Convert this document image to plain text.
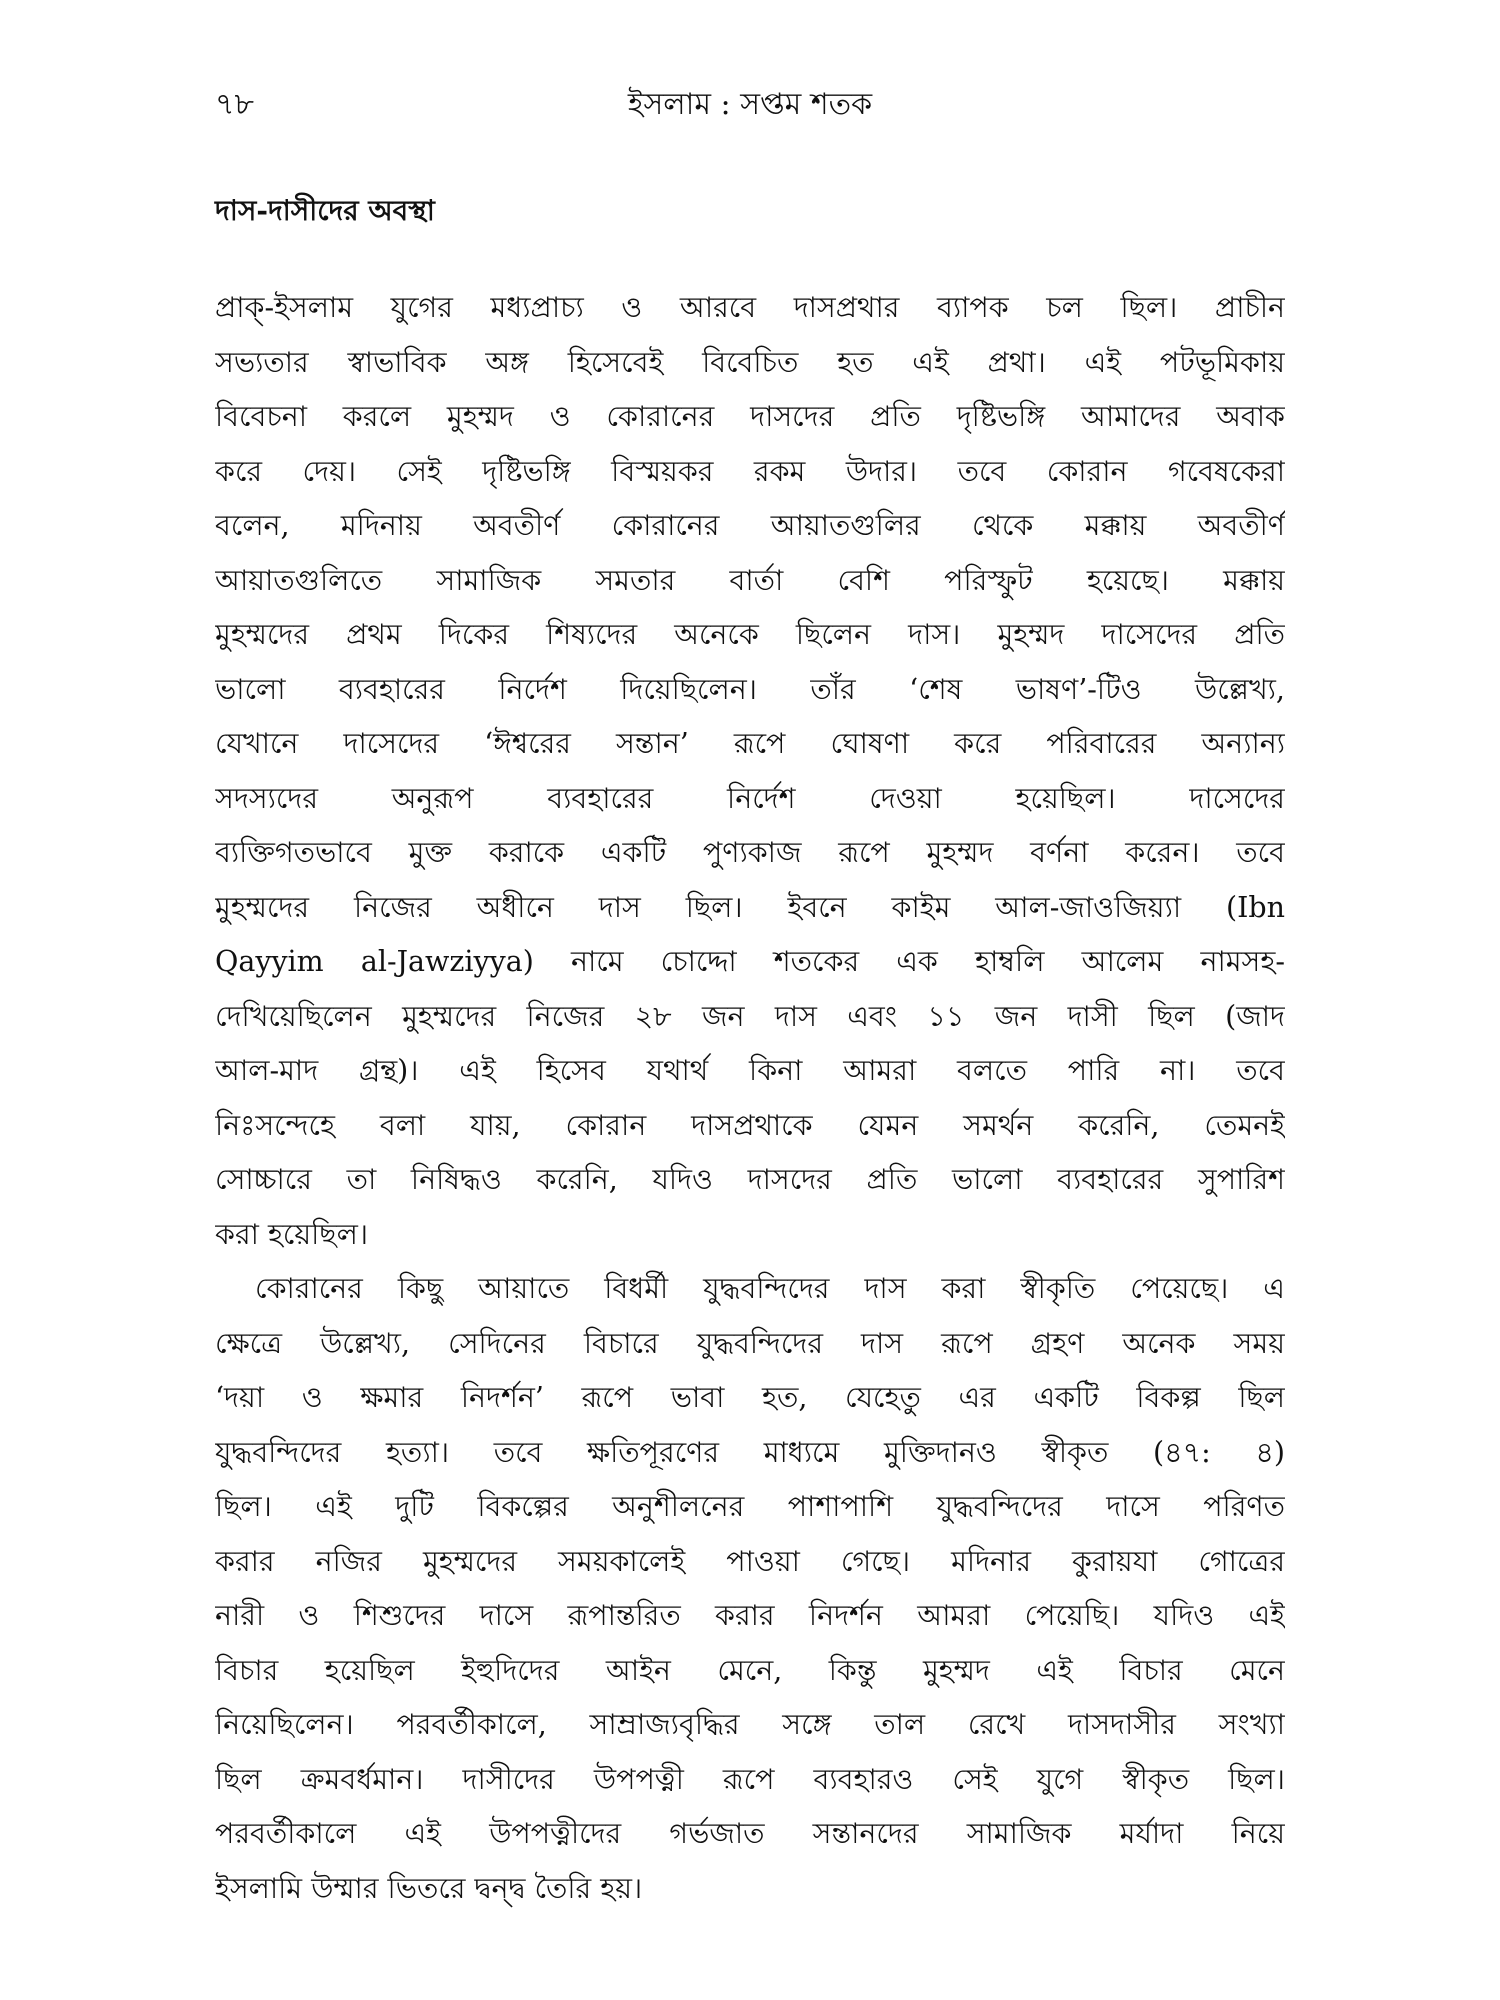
৭৮	ইসলাম : সপ্তম শতক
দাস-দাসীদের অবস্থা
প্রাক্-ইসলাম যুগের মধ্যপ্রাচ্য ও আরবে দাসপ্রথার ব্যাপক চল ছিল। প্রাচীন
সভ্যতার স্বাভাবিক অঙ্গ হিসেবেই বিবেচিত হত এই প্রথা। এই পটভূমিকায়
বিবেচনা করলে মুহম্মদ ও কোরানের দাসদের প্রতি দৃষ্টিভঙ্গি আমাদের অবাক
করে দেয়। সেই দৃষ্টিভঙ্গি বিস্ময়কর রকম উদার। তবে কোরান গবেষকেরা
বলেন, মদিনায় অবতীর্ণ কোরানের আয়াতগুলির থেকে মক্কায় অবতীর্ণ
আয়াতগুলিতে সামাজিক সমতার বার্তা বেশি পরিস্ফুট হয়েছে। মক্কায়
মুহম্মদের প্রথম দিকের শিষ্যদের অনেকে ছিলেন দাস। মুহম্মদ দাসেদের প্রতি
ভালো ব্যবহারের নির্দেশ দিয়েছিলেন। তাঁর ‘শেষ ভাষণ’-টিও উল্লেখ্য,
যেখানে দাসেদের ‘ঈশ্বরের সন্তান’ রূপে ঘোষণা করে পরিবারের অন্যান্য
সদস্যদের অনুরূপ ব্যবহারের নির্দেশ দেওয়া হয়েছিল। দাসেদের
ব্যক্তিগতভাবে মুক্ত করাকে একটি পুণ্যকাজ রূপে মুহম্মদ বর্ণনা করেন। তবে
মুহম্মদের নিজের অধীনে দাস ছিল। ইবনে কাইম আল-জাওজিয়্যা (Ibn
Qayyim al-Jawziyya) নামে চোদ্দো শতকের এক হাম্বলি আলেম নামসহ-
দেখিয়েছিলেন মুহম্মদের নিজের ২৮ জন দাস এবং ১১ জন দাসী ছিল (জাদ
আল-মাদ গ্রন্থ)। এই হিসেব যথার্থ কিনা আমরা বলতে পারি না। তবে
নিঃসন্দেহে বলা যায়, কোরান দাসপ্রথাকে যেমন সমর্থন করেনি, তেমনই
সোচ্চারে তা নিষিদ্ধও করেনি, যদিও দাসদের প্রতি ভালো ব্যবহারের সুপারিশ
করা হয়েছিল।
কোরানের কিছু আয়াতে বিধর্মী যুদ্ধবন্দিদের দাস করা স্বীকৃতি পেয়েছে। এ
ক্ষেত্রে উল্লেখ্য, সেদিনের বিচারে যুদ্ধবন্দিদের দাস রূপে গ্রহণ অনেক সময়
‘দয়া ও ক্ষমার নিদর্শন’ রূপে ভাবা হত, যেহেতু এর একটি বিকল্প ছিল
যুদ্ধবন্দিদের হত্যা। তবে ক্ষতিপূরণের মাধ্যমে মুক্তিদানও স্বীকৃত (৪৭: ৪)
ছিল। এই দুটি বিকল্পের অনুশীলনের পাশাপাশি যুদ্ধবন্দিদের দাসে পরিণত
করার নজির মুহম্মদের সময়কালেই পাওয়া গেছে। মদিনার কুরায়যা গোত্রের
নারী ও শিশুদের দাসে রূপান্তরিত করার নিদর্শন আমরা পেয়েছি। যদিও এই
বিচার হয়েছিল ইহুদিদের আইন মেনে, কিন্তু মুহম্মদ এই বিচার মেনে
নিয়েছিলেন। পরবর্তীকালে, সাম্রাজ্যবৃদ্ধির সঙ্গে তাল রেখে দাসদাসীর সংখ্যা
ছিল ক্রমবর্ধমান। দাসীদের উপপত্নী রূপে ব্যবহারও সেই যুগে স্বীকৃত ছিল।
পরবর্তীকালে এই উপপত্নীদের গর্ভজাত সন্তানদের সামাজিক মর্যাদা নিয়ে
ইসলামি উম্মার ভিতরে দ্বন্দ্ব তৈরি হয়।
